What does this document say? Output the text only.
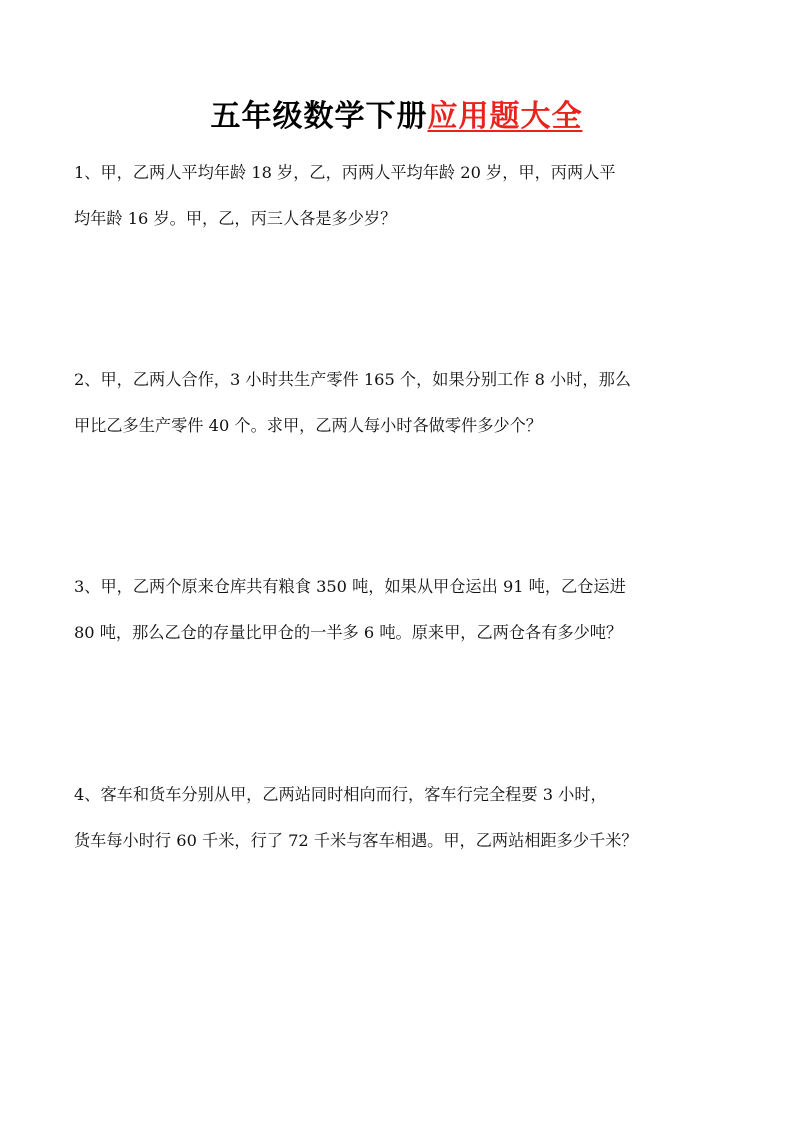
五年级数学下册应用题大全
1、甲，乙两人平均年龄 18 岁，乙，丙两人平均年龄 20 岁，甲，丙两人平
均年龄 16 岁。甲，乙，丙三人各是多少岁？
2、甲，乙两人合作，3 小时共生产零件 165 个，如果分别工作 8 小时，那么
甲比乙多生产零件 40 个。求甲，乙两人每小时各做零件多少个？
3、甲，乙两个原来仓库共有粮食 350 吨，如果从甲仓运出 91 吨，乙仓运进
80 吨，那么乙仓的存量比甲仓的一半多 6 吨。原来甲，乙两仓各有多少吨？
4、客车和货车分别从甲，乙两站同时相向而行，客车行完全程要 3 小时，
货车每小时行 60 千米，行了 72 千米与客车相遇。甲，乙两站相距多少千米？
